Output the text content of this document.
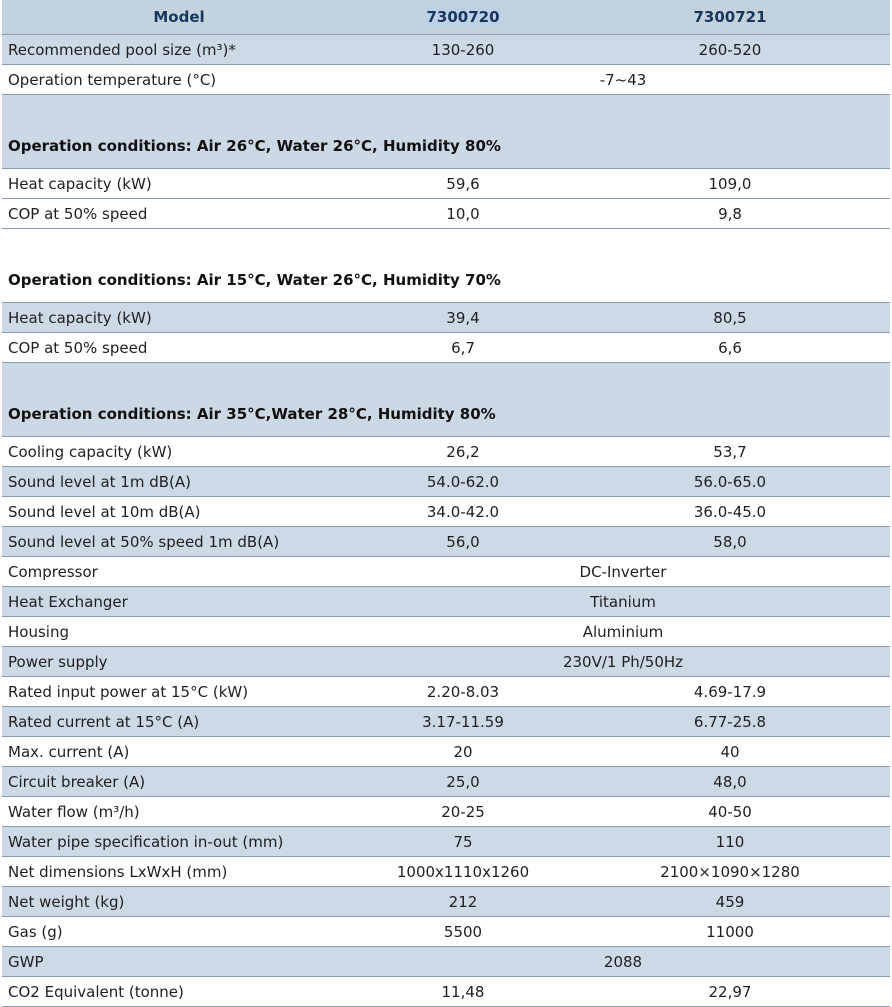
Model	7300720	7300721
Recommended pool size (m³)*	130-260	260-520
Operation temperature (°C)	-7~43	
Operation conditions: Air 26°C, Water 26°C, Humidity 80%		
Heat capacity (kW)	59,6	109,0
COP at 50% speed	10,0	9,8
Operation conditions: Air 15°C, Water 26°C, Humidity 70%		
Heat capacity (kW)	39,4	80,5
COP at 50% speed	6,7	6,6
Operation conditions: Air 35°C,Water 28°C, Humidity 80%		
Cooling capacity (kW)	26,2	53,7
Sound level at 1m dB(A)	54.0-62.0	56.0-65.0
Sound level at 10m dB(A)	34.0-42.0	36.0-45.0
Sound level at 50% speed 1m dB(A)	56,0	58,0
Compressor	DC-Inverter	
Heat Exchanger	Titanium	
Housing	Aluminium	
Power supply	230V/1 Ph/50Hz	
Rated input power at 15°C (kW)	2.20-8.03	4.69-17.9
Rated current at 15°C (A)	3.17-11.59	6.77-25.8
Max. current (A)	20	40
Circuit breaker (A)	25,0	48,0
Water flow (m³/h)	20-25	40-50
Water pipe specification in-out (mm)	75	110
Net dimensions LxWxH (mm)	1000x1110x1260	2100×1090×1280
Net weight (kg)	212	459
Gas (g)	5500	11000
GWP	2088	
CO2 Equivalent (tonne)	11,48	22,97
